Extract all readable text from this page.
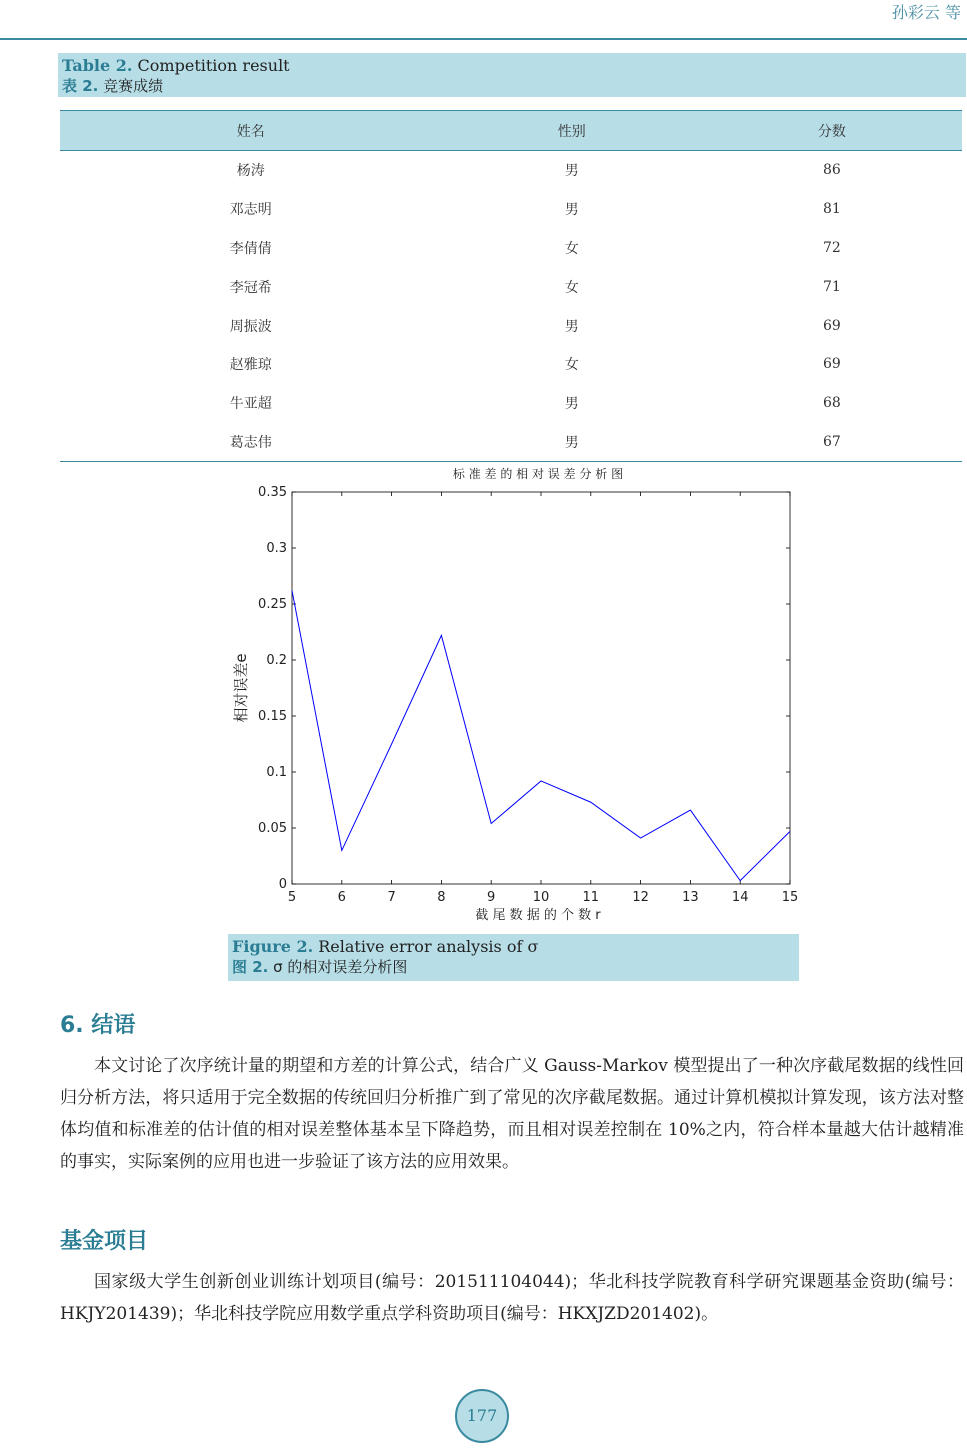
孙彩云 等
Table 2. Competition result
表 2. 竞赛成绩
姓名	性别	分数
杨涛	男	86
邓志明	男	81
李倩倩	女	72
李冠希	女	71
周振波	男	69
赵雅琼	女	69
牛亚超	男	68
葛志伟	男	67
标 准 差 的 相 对 误 差 分 析 图
0
0.05
0.1
0.15
0.2
0.25
0.3
0.35
5	6	7	8	9	10	11	12	13	14	15
截 尾 数 据 的 个 数 r
相对误差e
Figure 2. Relative error analysis of σ
图 2. σ 的相对误差分析图
6. 结语
本文讨论了次序统计量的期望和方差的计算公式，结合广义 Gauss-Markov 模型提出了一种次序截尾数据的线性回归分析方法，将只适用于完全数据的传统回归分析推广到了常见的次序截尾数据。通过计算机模拟计算发现，该方法对整体均值和标准差的估计值的相对误差整体基本呈下降趋势，而且相对误差控制在 10%之内，符合样本量越大估计越精准的事实，实际案例的应用也进一步验证了该方法的应用效果。
基金项目
国家级大学生创新创业训练计划项目(编号：201511104044)；华北科技学院教育科学研究课题基金资助(编号：HKJY201439)；华北科技学院应用数学重点学科资助项目(编号：HKXJZD201402)。
177
